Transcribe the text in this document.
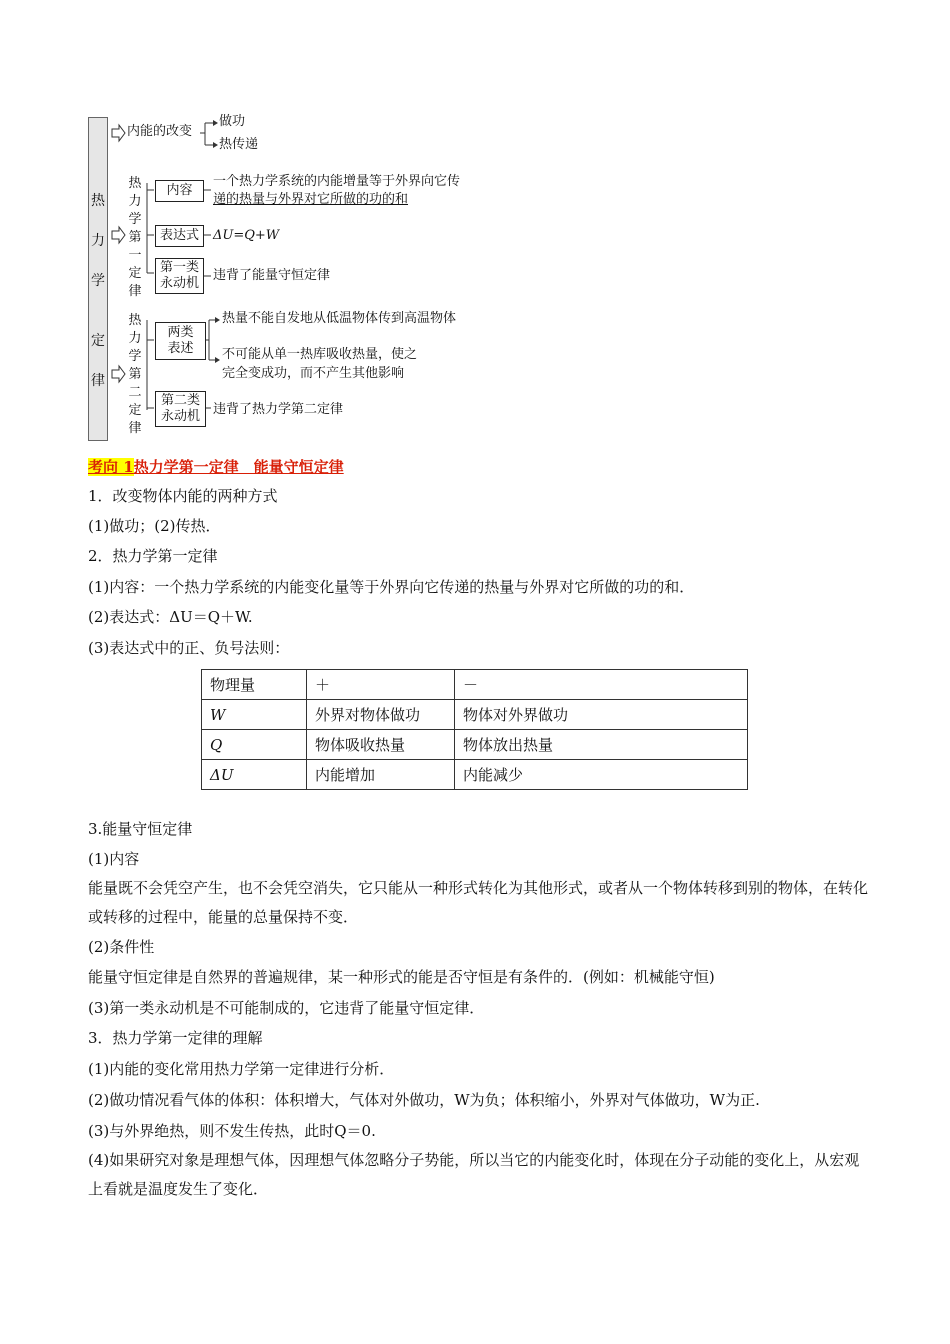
热
力
学
定
律
内能的改变
做功
热传递
热
力
学
第
一
定
律
内容
一个热力学系统的内能增量等于外界向它传
递的热量与外界对它所做的功的和
表达式	ΔU=Q+W
第一类
永动机
违背了能量守恒定律
热
力
学
第
二
定
律
两类
表述
热量不能自发地从低温物体传到高温物体
不可能从单一热库吸收热量，使之
完全变成功，而不产生其他影响
第二类
永动机 违背了热力学第二定律
考向 1热力学第一定律　能量守恒定律
1．改变物体内能的两种方式
(1)做功；(2)传热．
2．热力学第一定律
(1)内容：一个热力学系统的内能变化量等于外界向它传递的热量与外界对它所做的功的和．
(2)表达式：ΔU＝Q＋W.
(3)表达式中的正、负号法则：
物理量	＋	－
W	外界对物体做功	物体对外界做功
Q	物体吸收热量	物体放出热量
ΔU	内能增加	内能减少
3.能量守恒定律
(1)内容
能量既不会凭空产生，也不会凭空消失，它只能从一种形式转化为其他形式，或者从一个物体转移到别的物体，在转化或转移的过程中，能量的总量保持不变．
(2)条件性
能量守恒定律是自然界的普遍规律，某一种形式的能是否守恒是有条件的．(例如：机械能守恒)
(3)第一类永动机是不可能制成的，它违背了能量守恒定律．
3．热力学第一定律的理解
(1)内能的变化常用热力学第一定律进行分析．
(2)做功情况看气体的体积：体积增大，气体对外做功，W为负；体积缩小，外界对气体做功，W为正.
(3)与外界绝热，则不发生传热，此时Q＝0.
(4)如果研究对象是理想气体，因理想气体忽略分子势能，所以当它的内能变化时，体现在分子动能的变化上，从宏观上看就是温度发生了变化．
